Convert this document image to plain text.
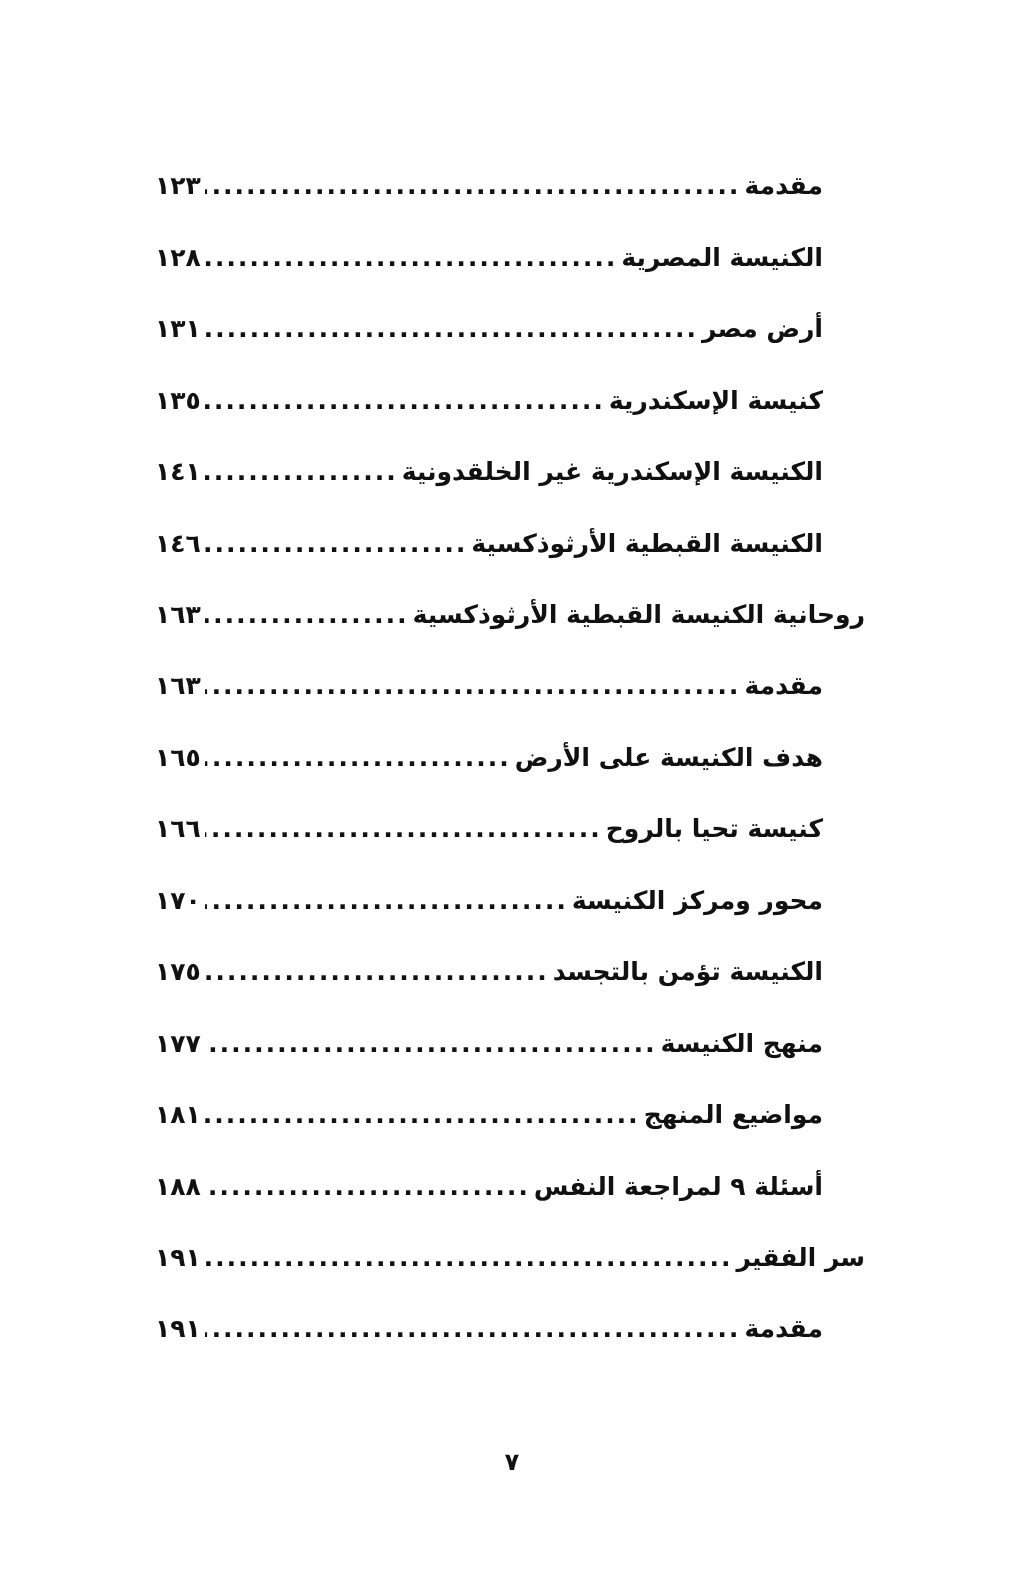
مقدمة
.....
١٢٣
الكنيسة المصرية
.....
١٢٨
أرض مصر
.....
١٣١
كنيسة الإسكندرية
.....
١٣٥
الكنيسة الإسكندرية غير الخلقدونية
.....
١٤١
الكنيسة القبطية الأرثوذكسية
.....
١٤٦
روحانية الكنيسة القبطية الأرثوذكسية
.....
١٦٣
مقدمة
.....
١٦٣
هدف الكنيسة على الأرض
.....
١٦٥
كنيسة تحيا بالروح
.....
١٦٦
محور ومركز الكنيسة
.....
١٧٠
الكنيسة تؤمن بالتجسد
.....
١٧٥
منهج الكنيسة
.....
١٧٧
مواضيع المنهج
.....
١٨١
أسئلة ٩ لمراجعة النفس
.....
١٨٨
سر الفقير
.....
١٩١
مقدمة
.....
١٩١
٧
